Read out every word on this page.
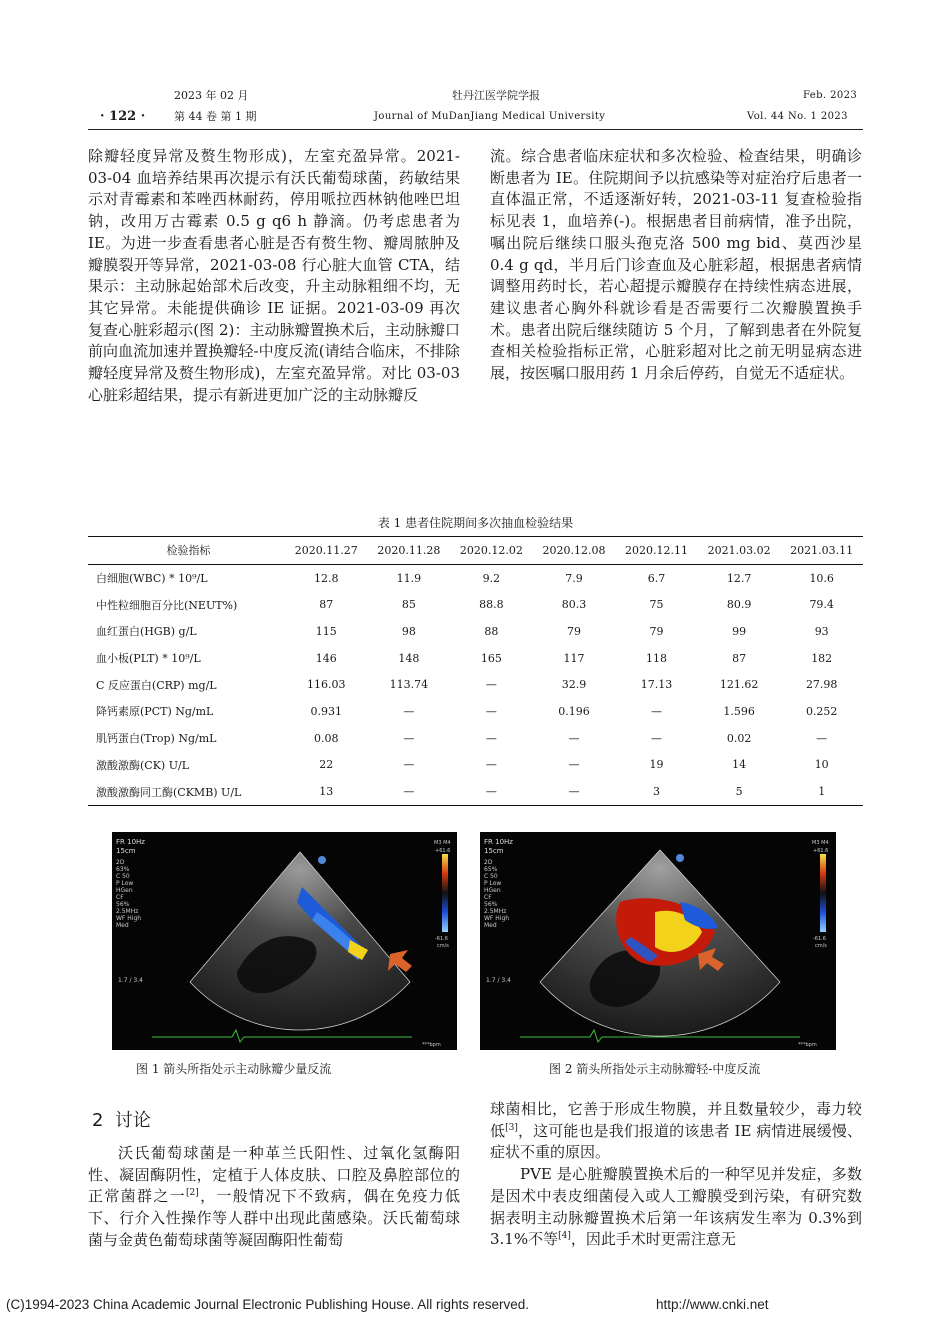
2023 年 02 月
· 122 ·	第 44 卷 第 1 期
牡丹江医学院学报
Journal of MuDanJiang Medical University
Feb. 2023
Vol. 44 No. 1 2023

除瓣轻度异常及赘生物形成)，左室充盈异常。2021-03-04 血培养结果再次提示有沃氏葡萄球菌，药敏结果示对青霉素和苯唑西林耐药，停用哌拉西林钠他唑巴坦钠，改用万古霉素 0.5 g q6 h 静滴。仍考虑患者为 IE。为进一步查看患者心脏是否有赘生物、瓣周脓肿及瓣膜裂开等异常，2021-03-08 行心脏大血管 CTA，结果示：主动脉起始部术后改变，升主动脉粗细不均，无其它异常。未能提供确诊 IE 证据。2021-03-09 再次复查心脏彩超示(图 2)：主动脉瓣置换术后，主动脉瓣口前向血流加速并置换瓣轻-中度反流(请结合临床，不排除瓣轻度异常及赘生物形成)，左室充盈异常。对比 03-03 心脏彩超结果，提示有新进更加广泛的主动脉瓣反

流。综合患者临床症状和多次检验、检查结果，明确诊断患者为 IE。住院期间予以抗感染等对症治疗后患者一直体温正常，不适逐渐好转，2021-03-11 复查检验指标见表 1，血培养(-)。根据患者目前病情，准予出院，嘱出院后继续口服头孢克洛 500 mg bid、莫西沙星 0.4 g qd，半月后门诊查血及心脏彩超，根据患者病情调整用药时长，若心超提示瓣膜存在持续性病态进展，建议患者心胸外科就诊看是否需要行二次瓣膜置换手术。患者出院后继续随访 5 个月，了解到患者在外院复查相关检验指标正常，心脏彩超对比之前无明显病态进展，按医嘱口服用药 1 月余后停药，自觉无不适症状。

表 1 患者住院期间多次抽血检验结果
检验指标	2020.11.27	2020.11.28	2020.12.02	2020.12.08	2020.12.11	2021.03.02	2021.03.11
白细胞(WBC) * 10⁹/L	12.8	11.9	9.2	7.9	6.7	12.7	10.6
中性粒细胞百分比(NEUT%)	87	85	88.8	80.3	75	80.9	79.4
血红蛋白(HGB) g/L	115	98	88	79	79	99	93
血小板(PLT) * 10⁹/L	146	148	165	117	118	87	182
C 反应蛋白(CRP) mg/L	116.03	113.74	—	32.9	17.13	121.62	27.98
降钙素原(PCT) Ng/mL	0.931	—	—	0.196	—	1.596	0.252
肌钙蛋白(Trop) Ng/mL	0.08	—	—	—	—	0.02	—
激酸激酶(CK) U/L	22	—	—	—	19	14	10
激酸激酶同工酶(CKMB) U/L	13	—	—	—	3	5	1
FR 10Hz
15cm
2D
63%
C 50
P Low
HGen
CF
56%
2.5MHz
WF High
Med
1.7 / 3.4
M3 M4
+61.6
-61.6
cm/s
***bpm
图 1 箭头所指处示主动脉瓣少量反流
FR 10Hz
15cm
2D
65%
C 50
P Low
HGen
CF
56%
2.5MHz
WF High
Med
1.7 / 3.4
M3 M4
+61.6
-61.6
cm/s
***bpm
图 2 箭头所指处示主动脉瓣轻-中度反流
2 讨论

沃氏葡萄球菌是一种革兰氏阳性、过氧化氢酶阳性、凝固酶阴性，定植于人体皮肤、口腔及鼻腔部位的正常菌群之一[2]，一般情况下不致病，偶在免疫力低下、行介入性操作等人群中出现此菌感染。沃氏葡萄球菌与金黄色葡萄球菌等凝固酶阳性葡萄

球菌相比，它善于形成生物膜，并且数量较少，毒力较低[3]，这可能也是我们报道的该患者 IE 病情进展缓慢、症状不重的原因。

PVE 是心脏瓣膜置换术后的一种罕见并发症，多数是因术中表皮细菌侵入或人工瓣膜受到污染，有研究数据表明主动脉瓣置换术后第一年该病发生率为 0.3%到 3.1%不等[4]，因此手术时更需注意无

(C)1994-2023 China Academic Journal Electronic Publishing House. All rights reserved.	http://www.cnki.net
